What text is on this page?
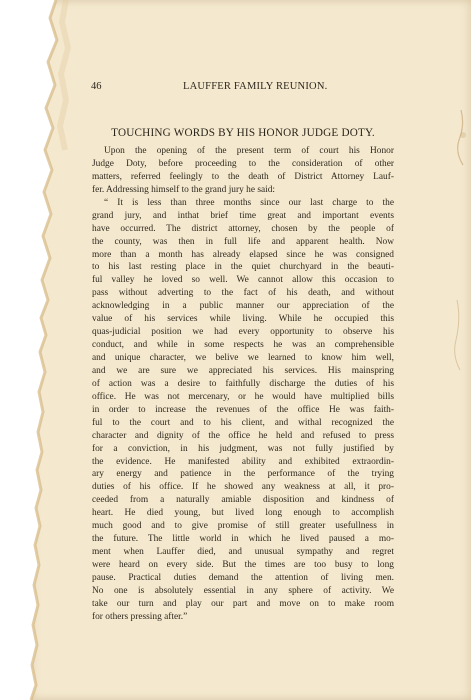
46	LAUFFER FAMILY REUNION.
TOUCHING WORDS BY HIS HONOR JUDGE DOTY.
Upon the opening of the present term of court his Honor
Judge Doty, before proceeding to the consideration of other
matters, referred feelingly to the death of District Attorney Lauf-
fer. Addressing himself to the grand jury he said:
“ It is less than three months since our last charge to the
grand jury, and inthat brief time great and important events
have occurred. The district attorney, chosen by the people of
the county, was then in full life and apparent health. Now
more than a month has already elapsed since he was consigned
to his last resting place in the quiet churchyard in the beauti-
ful valley he loved so well. We cannot allow this occasion to
pass without adverting to the fact of his death, and without
acknowledging in a public manner our appreciation of the
value of his services while living. While he occupied this
quas-judicial position we had every opportunity to observe his
conduct, and while in some respects he was an comprehensible
and unique character, we belive we learned to know him well,
and we are sure we appreciated his services. His mainspring
of action was a desire to faithfully discharge the duties of his
office. He was not mercenary, or he would have multiplied bills
in order to increase the revenues of the office He was faith-
ful to the court and to his client, and withal recognized the
character and dignity of the office he held and refused to press
for a conviction, in his judgment, was not fully justified by
the evidence. He manifested ability and exhibited extraordin-
ary energy and patience in the performance of the trying
duties of his office. If he showed any weakness at all, it pro-
ceeded from a naturally amiable disposition and kindness of
heart. He died young, but lived long enough to accomplish
much good and to give promise of still greater usefullness in
the future. The little world in which he lived paused a mo-
ment when Lauffer died, and unusual sympathy and regret
were heard on every side. But the times are too busy to long
pause. Practical duties demand the attention of living men.
No one is absolutely essential in any sphere of activity. We
take our turn and play our part and move on to make room
for others pressing after.”
